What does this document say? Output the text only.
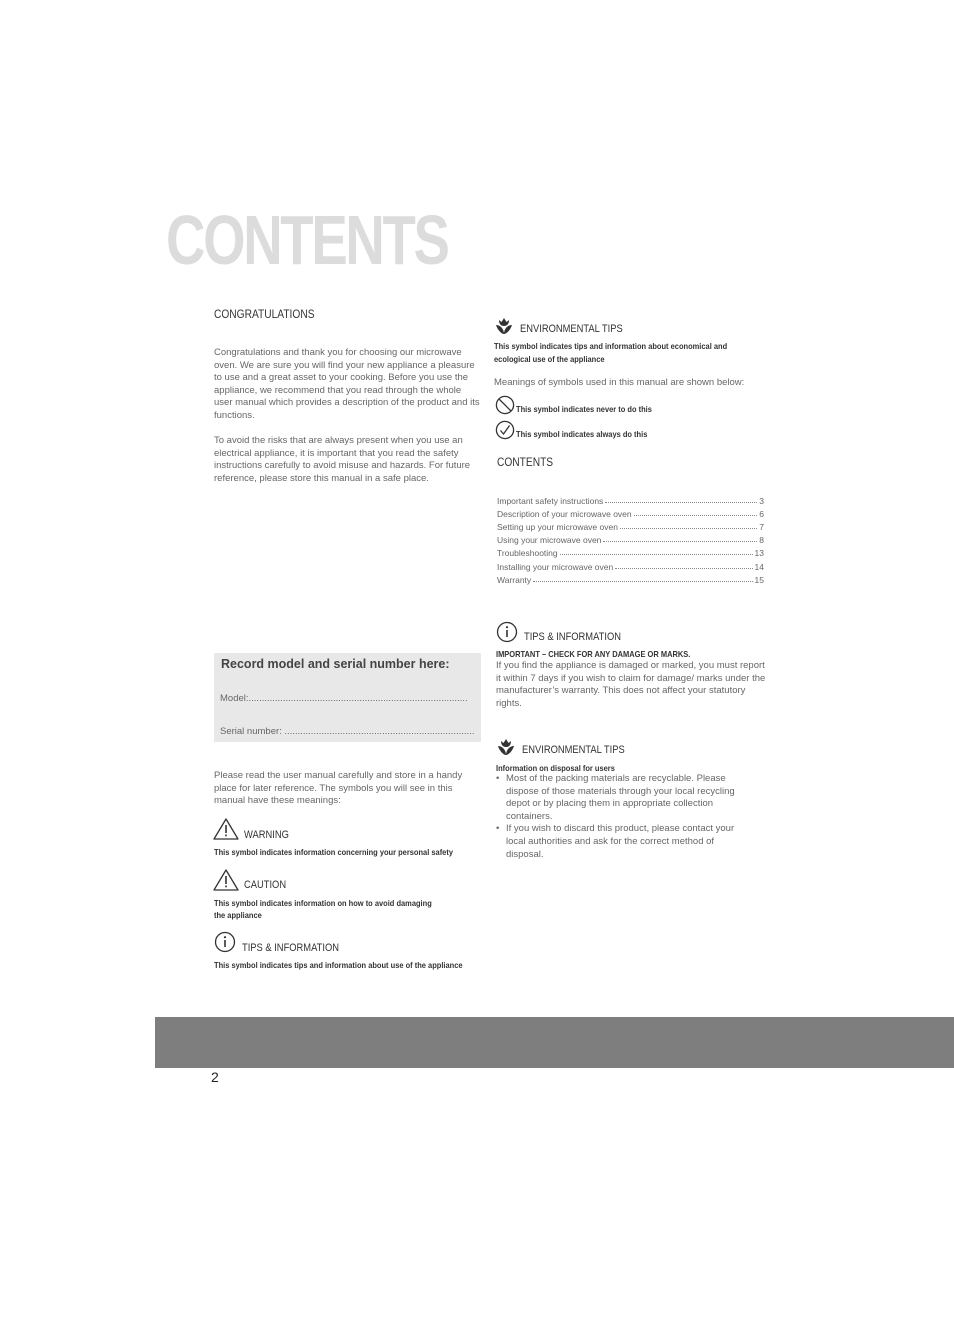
CONTENTS
CONGRATULATIONS
Congratulations and thank you for choosing our microwave oven. We are sure you will find your new appliance a pleasure to use and a great asset to your cooking. Before you use the appliance, we recommend that you read through the whole user manual which provides a description of the product and its functions.
To avoid the risks that are always present when you use an electrical appliance, it is important that you read the safety instructions carefully to avoid misuse and hazards. For future reference, please store this manual in a safe place.
Record model and serial number here:
Model:...................................................................................
Serial number: ........................................................................
Please read the user manual carefully and store in a handy place for later reference. The symbols you will see in this manual have these meanings:
WARNING
This symbol indicates information concerning your personal safety
CAUTION
This symbol indicates information on how to avoid damaging
the appliance
TIPS & INFORMATION
This symbol indicates tips and information about use of the appliance
ENVIRONMENTAL TIPS
This symbol indicates tips and information about economical and
ecological use of the appliance
Meanings of symbols used in this manual are shown below:
This symbol indicates never to do this
This symbol indicates always do this
CONTENTS
Important safety instructions	3
Description of your microwave oven	6
Setting up your microwave oven	7
Using your microwave oven	8
Troubleshooting	13
Installing your microwave oven	14
Warranty	15
TIPS & INFORMATION
IMPORTANT – CHECK FOR ANY DAMAGE OR MARKS.
If you find the appliance is damaged or marked, you must report it within 7 days if you wish to claim for damage/ marks under the manufacturer’s warranty. This does not affect your statutory rights.
ENVIRONMENTAL TIPS
Information on disposal for users
• Most of the packing materials are recyclable. Please dispose of those materials through your local recycling depot or by placing them in appropriate collection containers.
• If you wish to discard this product, please contact your local authorities and ask for the correct method of disposal.
2
